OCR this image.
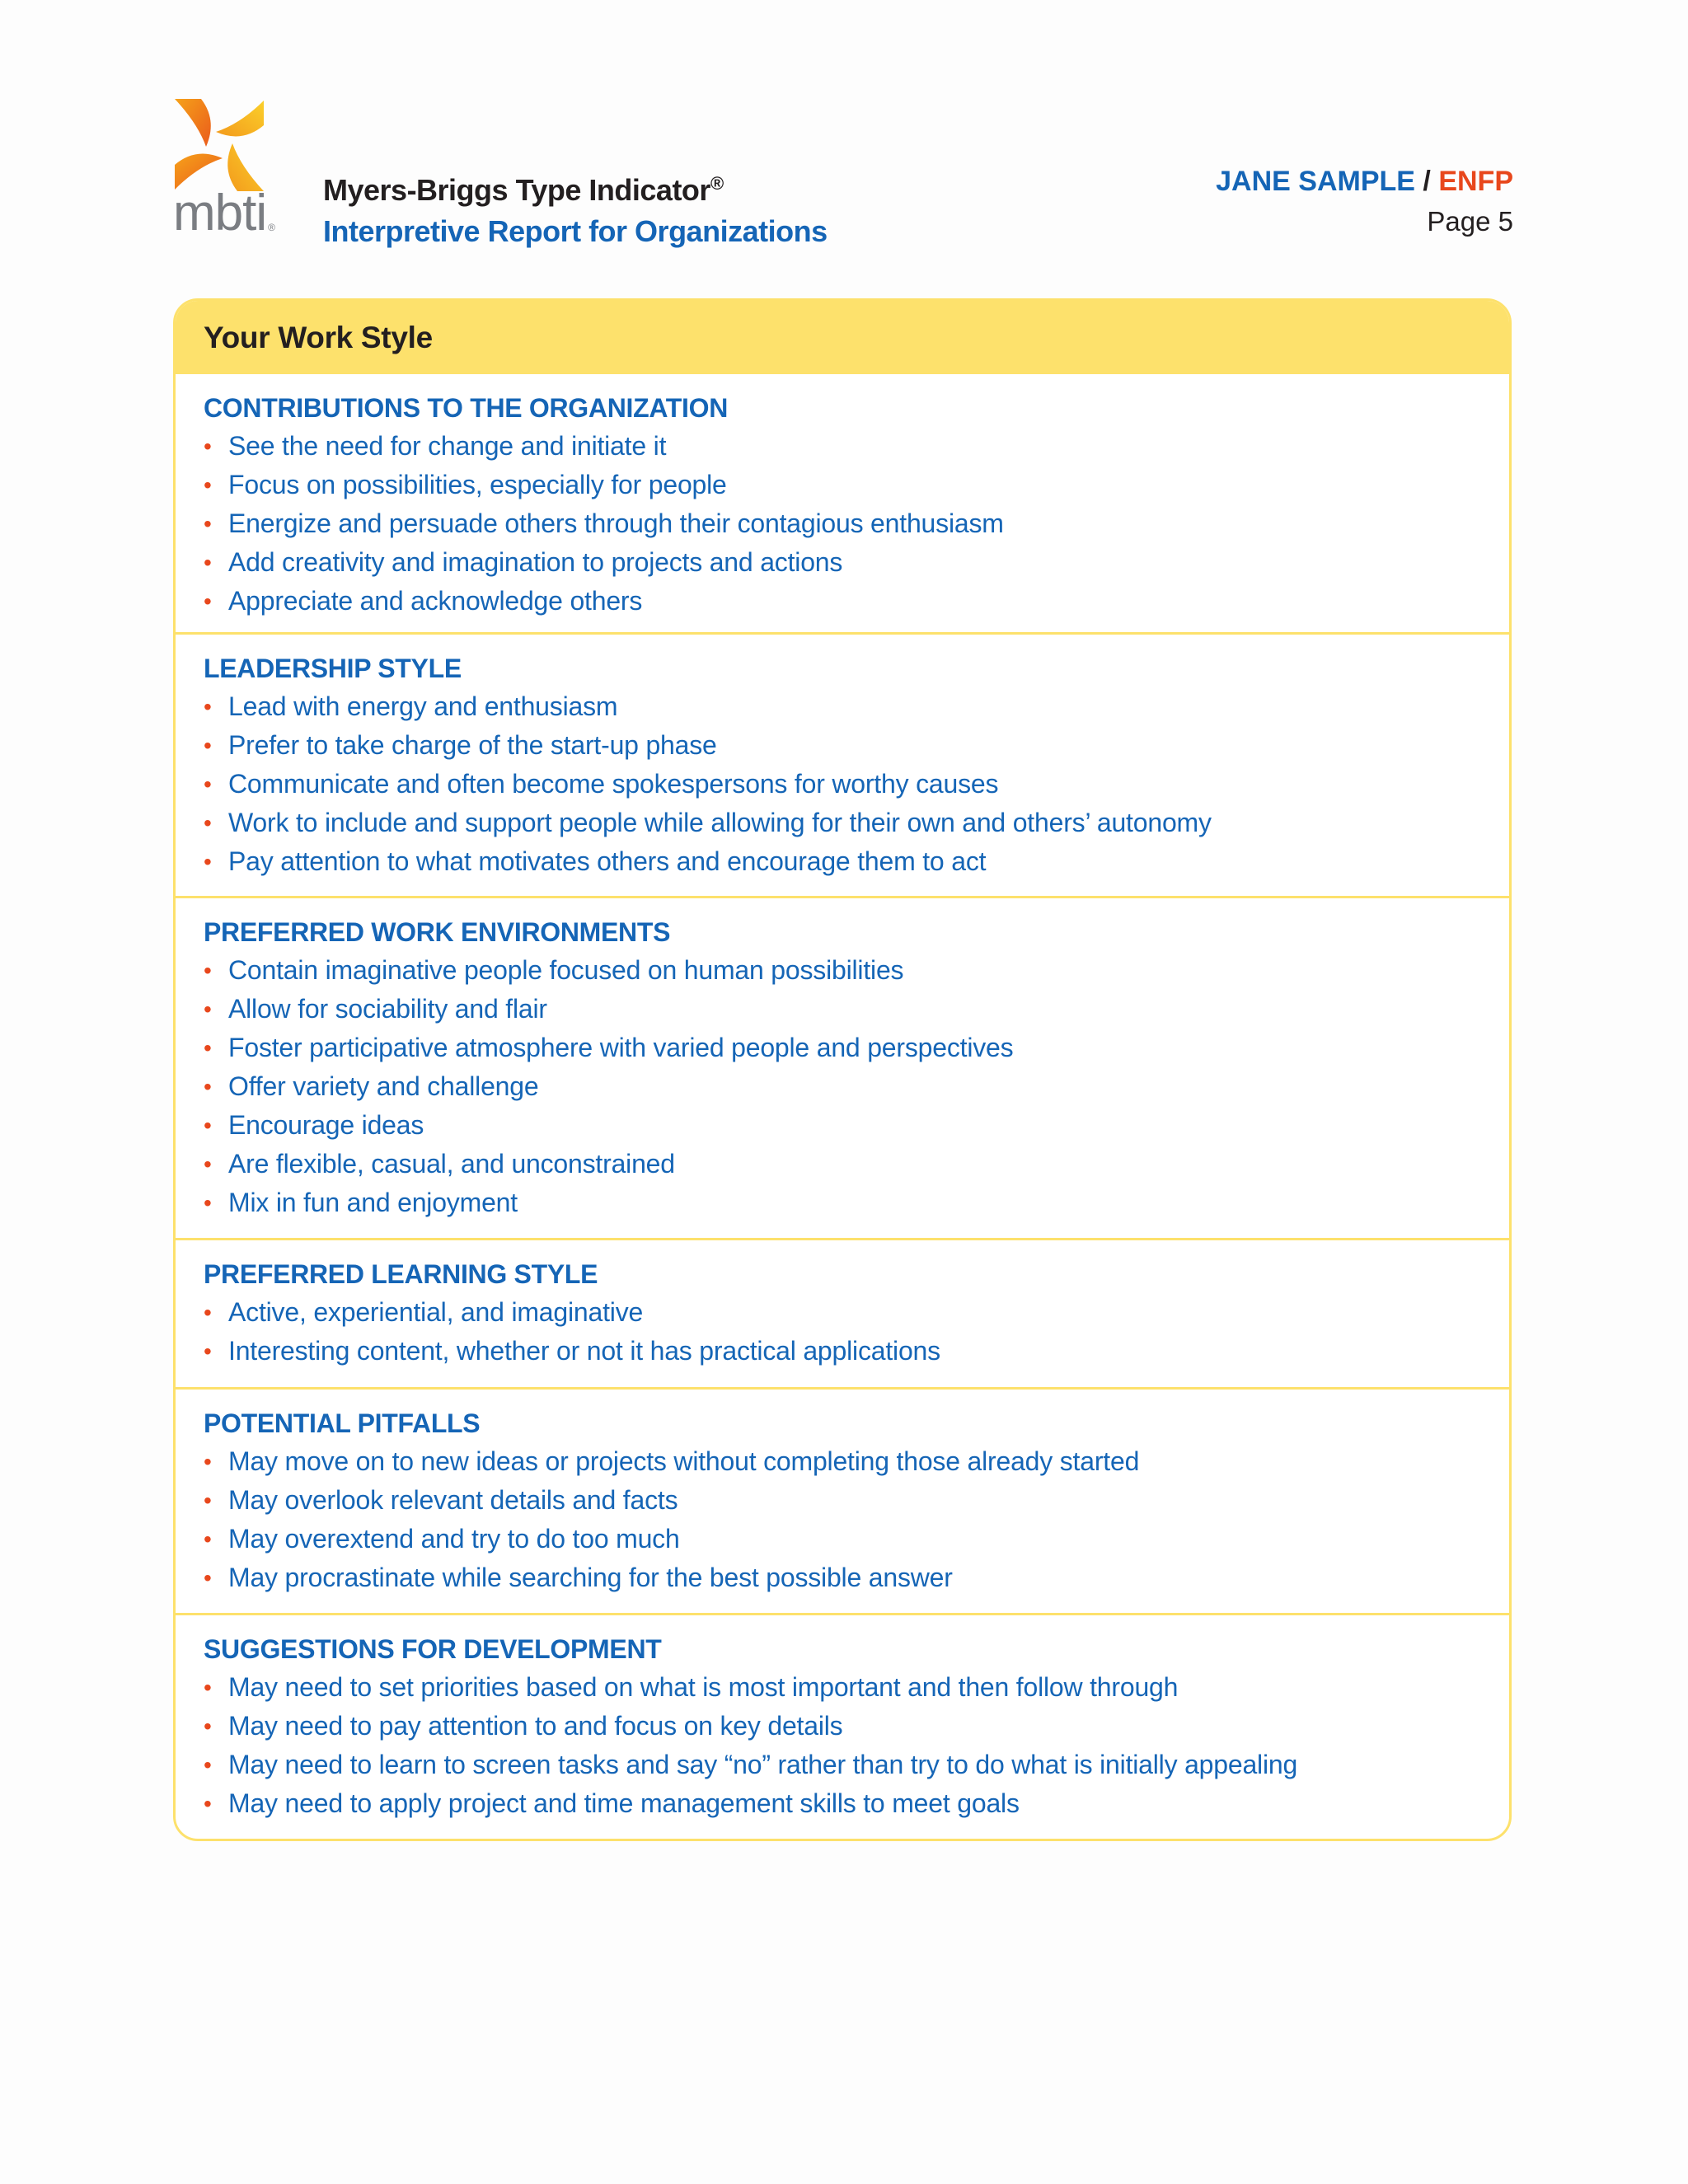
mbti ®
Myers-Briggs Type Indicator®
Interpretive Report for Organizations
JANE SAMPLE / ENFP
Page 5
Your Work Style
CONTRIBUTIONS TO THE ORGANIZATION
• See the need for change and initiate it
• Focus on possibilities, especially for people
• Energize and persuade others through their contagious enthusiasm
• Add creativity and imagination to projects and actions
• Appreciate and acknowledge others
LEADERSHIP STYLE
• Lead with energy and enthusiasm
• Prefer to take charge of the start-up phase
• Communicate and often become spokespersons for worthy causes
• Work to include and support people while allowing for their own and others’ autonomy
• Pay attention to what motivates others and encourage them to act
PREFERRED WORK ENVIRONMENTS
• Contain imaginative people focused on human possibilities
• Allow for sociability and flair
• Foster participative atmosphere with varied people and perspectives
• Offer variety and challenge
• Encourage ideas
• Are flexible, casual, and unconstrained
• Mix in fun and enjoyment
PREFERRED LEARNING STYLE
• Active, experiential, and imaginative
• Interesting content, whether or not it has practical applications
POTENTIAL PITFALLS
• May move on to new ideas or projects without completing those already started
• May overlook relevant details and facts
• May overextend and try to do too much
• May procrastinate while searching for the best possible answer
SUGGESTIONS FOR DEVELOPMENT
• May need to set priorities based on what is most important and then follow through
• May need to pay attention to and focus on key details
• May need to learn to screen tasks and say “no” rather than try to do what is initially appealing
• May need to apply project and time management skills to meet goals
